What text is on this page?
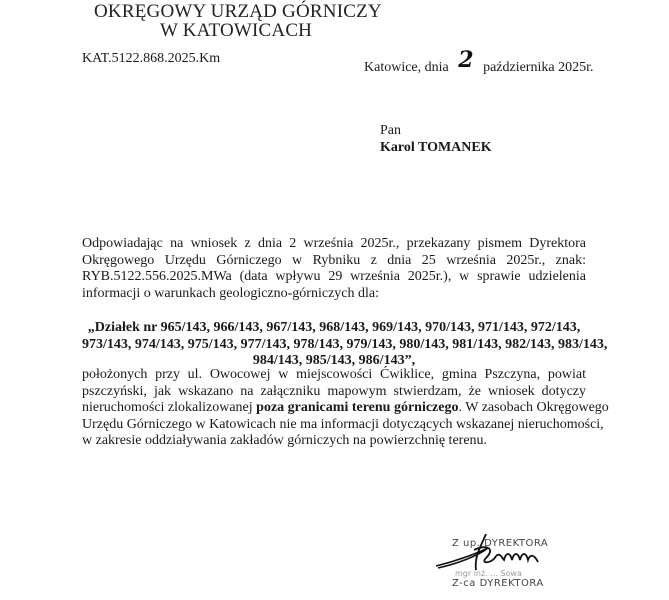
OKRĘGOWY URZĄD GÓRNICZY
W KATOWICACH
KAT.5122.868.2025.Km
Katowice, dnia 2 października 2025r.
Pan
Karol TOMANEK
Odpowiadając na wniosek z dnia 2 września 2025r., przekazany pismem Dyrektora
Okręgowego Urzędu Górniczego w Rybniku z dnia 25 września 2025r., znak:
RYB.5122.556.2025.MWa (data wpływu 29 września 2025r.), w sprawie udzielenia
informacji o warunkach geologiczno-górniczych dla:
„Działek nr 965/143, 966/143, 967/143, 968/143, 969/143, 970/143, 971/143, 972/143,
973/143, 974/143, 975/143, 977/143, 978/143, 979/143, 980/143, 981/143, 982/143, 983/143,
984/143, 985/143, 986/143”,
położonych przy ul. Owocowej w miejscowości Ćwiklice, gmina Pszczyna, powiat
pszczyński, jak wskazano na załączniku mapowym stwierdzam, że wniosek dotyczy
nieruchomości zlokalizowanej poza granicami terenu górniczego. W zasobach Okręgowego
Urzędu Górniczego w Katowicach nie ma informacji dotyczących wskazanej nieruchomości,
w zakresie oddziaływania zakładów górniczych na powierzchnię terenu.
Z up. DYREKTORA
mgr inż. ... Sowa
Z-ca DYREKTORA
